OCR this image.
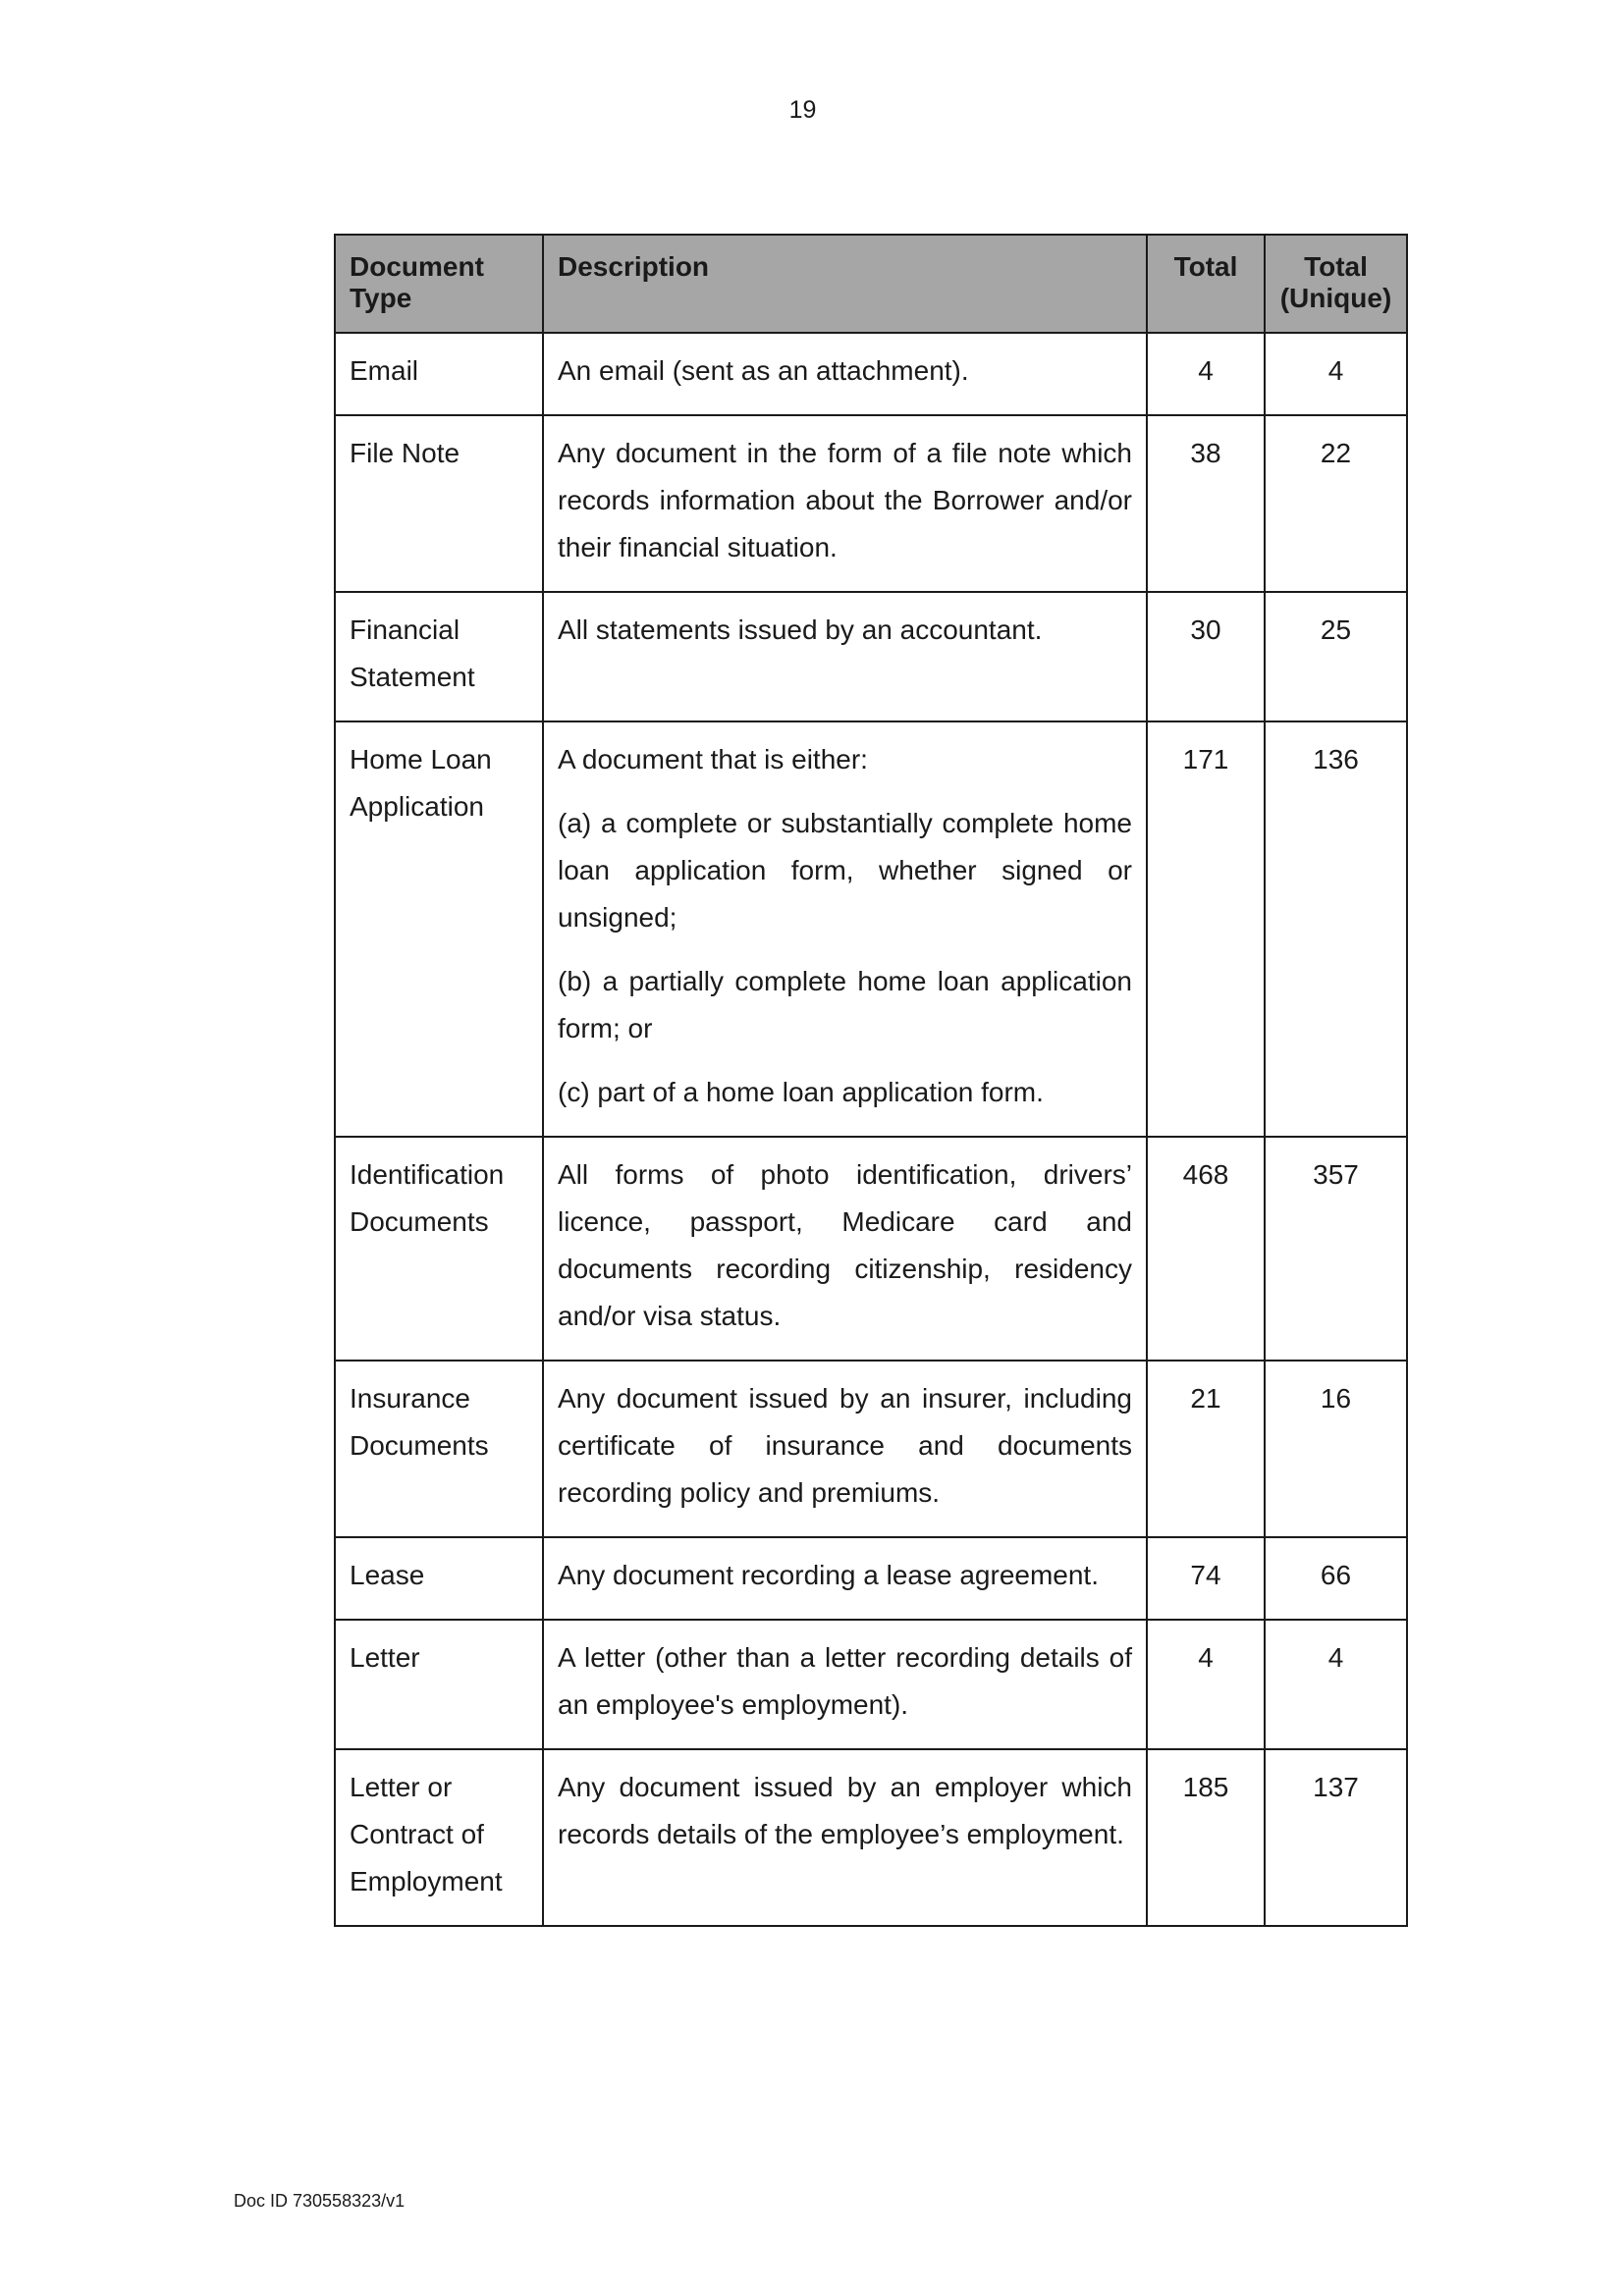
19
Document Type	Description	Total	Total (Unique)
Email	An email (sent as an attachment).	4	4
File Note	Any document in the form of a file note which records information about the Borrower and/or their financial situation.	38	22
Financial Statement	All statements issued by an accountant.	30	25
Home Loan Application	A document that is either:

(a) a complete or substantially complete home loan application form, whether signed or unsigned;

(b) a partially complete home loan application form; or

(c) part of a home loan application form.	171	136
Identification Documents	All forms of photo identification, drivers’ licence, passport, Medicare card and documents recording citizenship, residency and/or visa status.	468	357
Insurance Documents	Any document issued by an insurer, including certificate of insurance and documents recording policy and premiums.	21	16
Lease	Any document recording a lease agreement.	74	66
Letter	A letter (other than a letter recording details of an employee's employment).	4	4
Letter or Contract of Employment	Any document issued by an employer which records details of the employee’s employment.	185	137
Doc ID 730558323/v1
